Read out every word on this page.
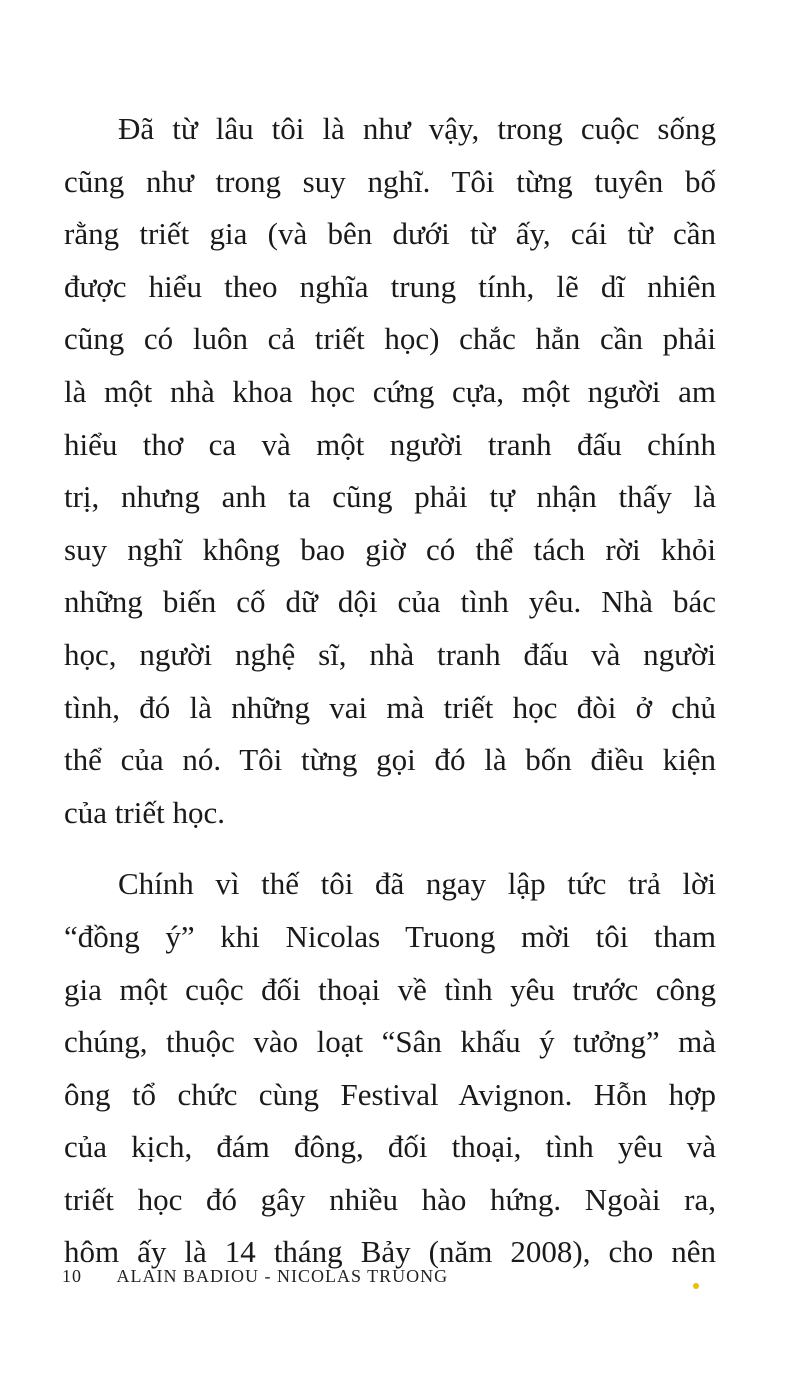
Đã từ lâu tôi là như vậy, trong cuộc sống
cũng như trong suy nghĩ. Tôi từng tuyên bố
rằng triết gia (và bên dưới từ ấy, cái từ cần
được hiểu theo nghĩa trung tính, lẽ dĩ nhiên
cũng có luôn cả triết học) chắc hẳn cần phải
là một nhà khoa học cứng cựa, một người am
hiểu thơ ca và một người tranh đấu chính
trị, nhưng anh ta cũng phải tự nhận thấy là
suy nghĩ không bao giờ có thể tách rời khỏi
những biến cố dữ dội của tình yêu. Nhà bác
học, người nghệ sĩ, nhà tranh đấu và người
tình, đó là những vai mà triết học đòi ở chủ
thể của nó. Tôi từng gọi đó là bốn điều kiện
của triết học.

Chính vì thế tôi đã ngay lập tức trả lời
“đồng ý” khi Nicolas Truong mời tôi tham
gia một cuộc đối thoại về tình yêu trước công
chúng, thuộc vào loạt “Sân khấu ý tưởng” mà
ông tổ chức cùng Festival Avignon. Hỗn hợp
của kịch, đám đông, đối thoại, tình yêu và
triết học đó gây nhiều hào hứng. Ngoài ra,
hôm ấy là 14 tháng Bảy (năm 2008), cho nên

10 ALAIN BADIOU - NICOLAS TRUONG
